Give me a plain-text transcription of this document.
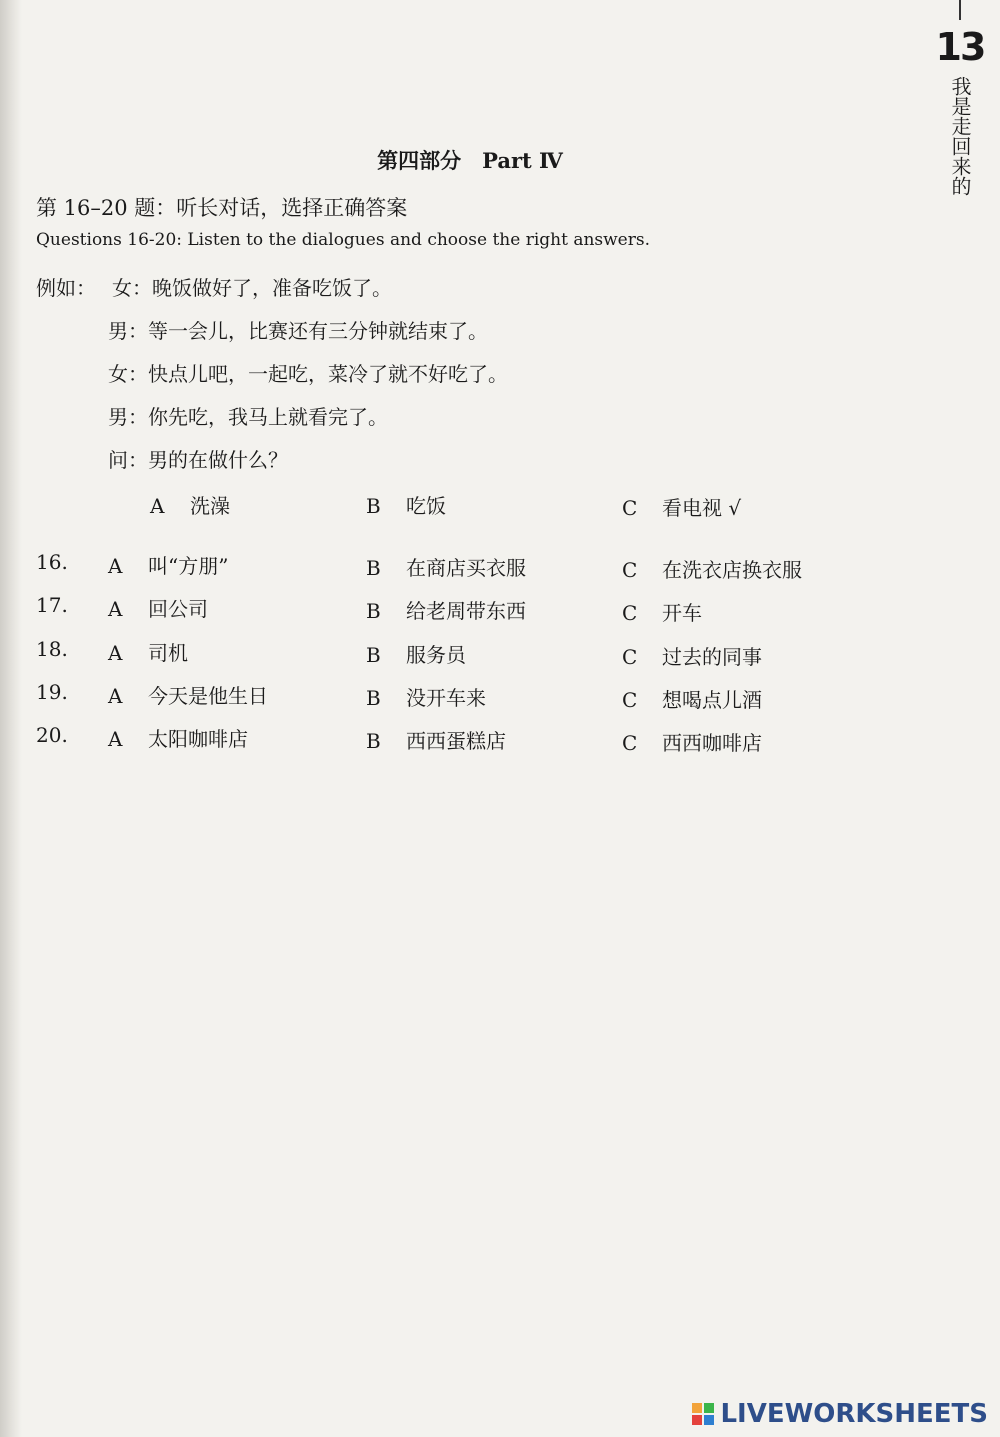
13
我是走回来的
第四部分　Part Ⅳ
第 16–20 题：听长对话，选择正确答案
Questions 16-20: Listen to the dialogues and choose the right answers.
例如： 女：晚饭做好了，准备吃饭了。
男：等一会儿，比赛还有三分钟就结束了。
女：快点儿吧，一起吃，菜冷了就不好吃了。
男：你先吃，我马上就看完了。
问：男的在做什么？
A 洗澡	B 吃饭	C 看电视 √
16. A 叫“方朋”	B 在商店买衣服	C 在洗衣店换衣服
17. A 回公司	B 给老周带东西	C 开车
18. A 司机	B 服务员	C 过去的同事
19. A 今天是他生日	B 没开车来	C 想喝点儿酒
20. A 太阳咖啡店	B 西西蛋糕店	C 西西咖啡店
LIVEWORKSHEETS
